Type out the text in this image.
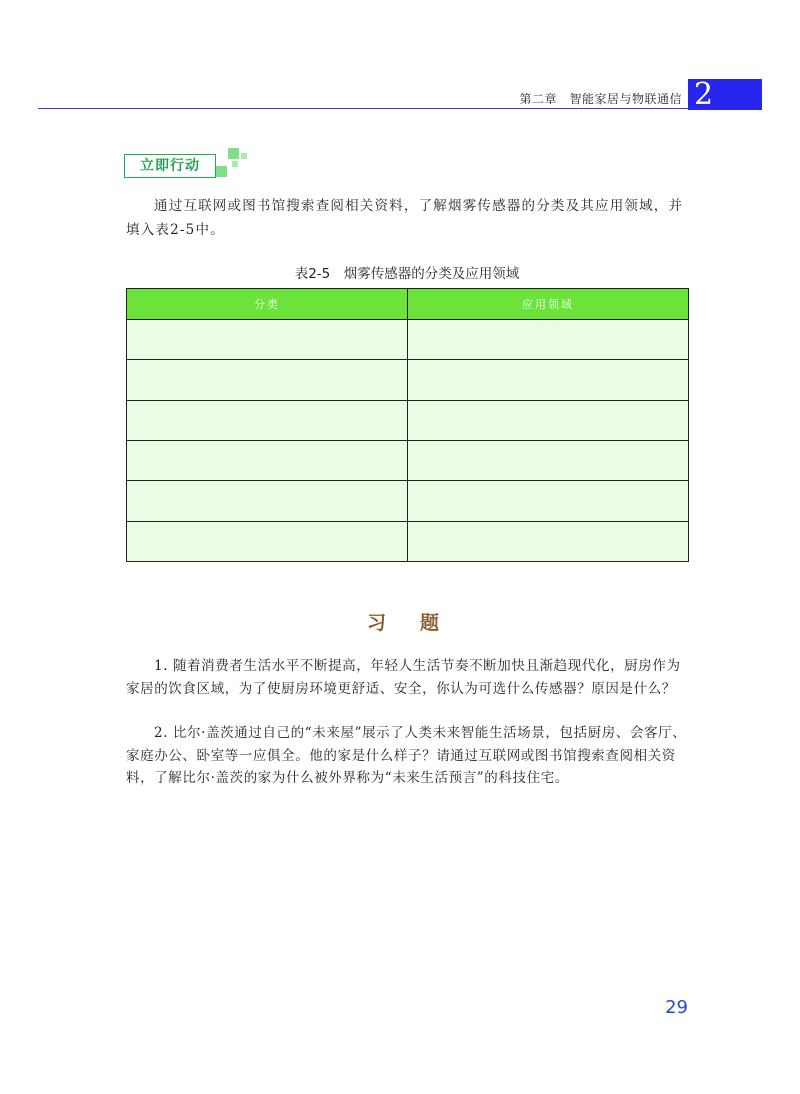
第二章　智能家居与物联通信 2
立即行动

通过互联网或图书馆搜索查阅相关资料，了解烟雾传感器的分类及其应用领域，并填入表2-5中。

表2-5　烟雾传感器的分类及应用领域
分类	应用领域

习题

1. 随着消费者生活水平不断提高，年轻人生活节奏不断加快且渐趋现代化，厨房作为家居的饮食区域，为了使厨房环境更舒适、安全，你认为可选什么传感器？原因是什么？

2. 比尔·盖茨通过自己的“未来屋”展示了人类未来智能生活场景，包括厨房、会客厅、家庭办公、卧室等一应俱全。他的家是什么样子？请通过互联网或图书馆搜索查阅相关资料，了解比尔·盖茨的家为什么被外界称为“未来生活预言”的科技住宅。

29
